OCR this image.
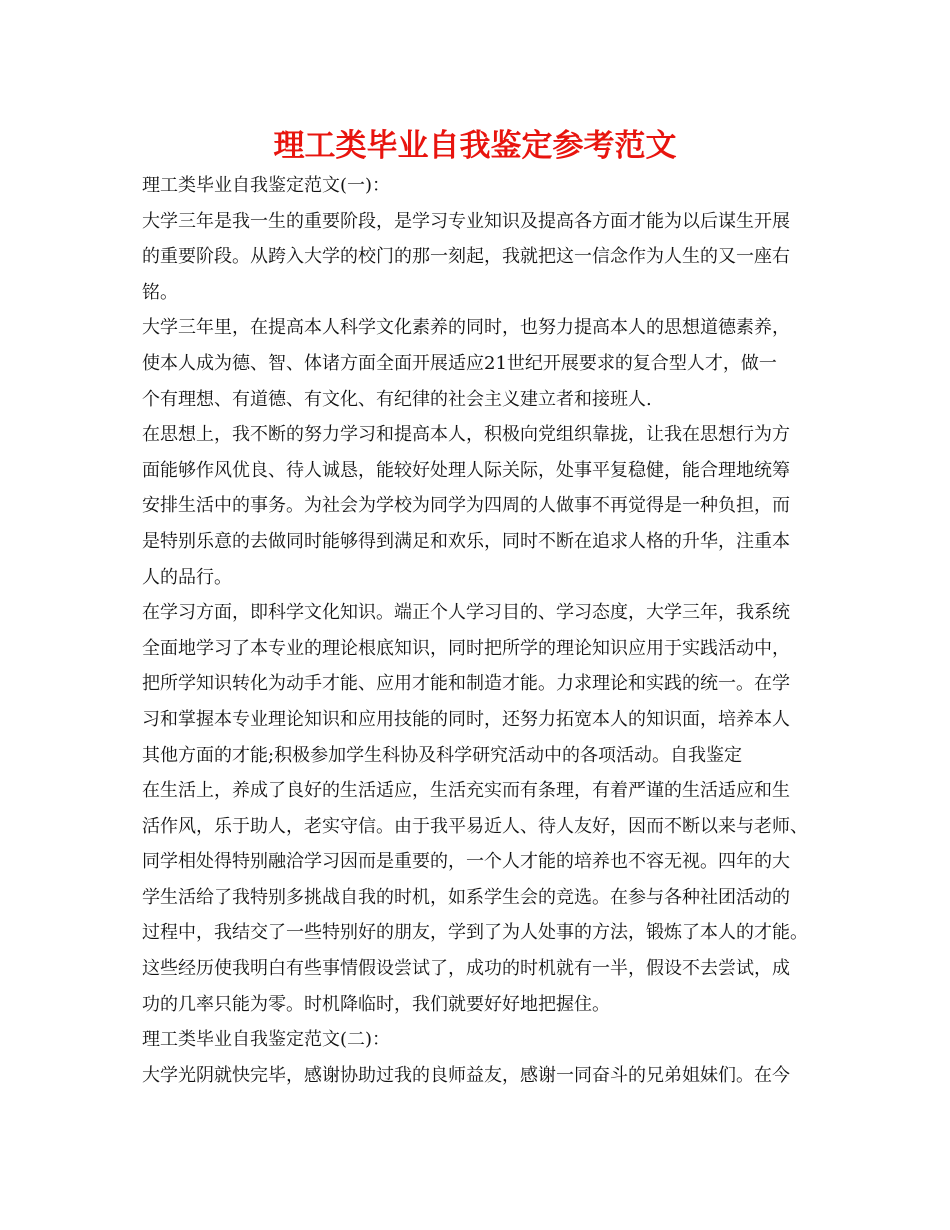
理工类毕业自我鉴定参考范文
理工类毕业自我鉴定范文(一)：
大学三年是我一生的重要阶段，是学习专业知识及提高各方面才能为以后谋生开展
的重要阶段。从跨入大学的校门的那一刻起，我就把这一信念作为人生的又一座右
铭。
大学三年里，在提高本人科学文化素养的同时，也努力提高本人的思想道德素养，
使本人成为德、智、体诸方面全面开展适应21世纪开展要求的复合型人才，做一
个有理想、有道德、有文化、有纪律的社会主义建立者和接班人.
在思想上，我不断的努力学习和提高本人，积极向党组织靠拢，让我在思想行为方
面能够作风优良、待人诚恳，能较好处理人际关际，处事平复稳健，能合理地统筹
安排生活中的事务。为社会为学校为同学为四周的人做事不再觉得是一种负担，而
是特别乐意的去做同时能够得到满足和欢乐，同时不断在追求人格的升华，注重本
人的品行。
在学习方面，即科学文化知识。端正个人学习目的、学习态度，大学三年，我系统
全面地学习了本专业的理论根底知识，同时把所学的理论知识应用于实践活动中，
把所学知识转化为动手才能、应用才能和制造才能。力求理论和实践的统一。在学
习和掌握本专业理论知识和应用技能的同时，还努力拓宽本人的知识面，培养本人
其他方面的才能;积极参加学生科协及科学研究活动中的各项活动。自我鉴定
在生活上，养成了良好的生活适应，生活充实而有条理，有着严谨的生活适应和生
活作风，乐于助人，老实守信。由于我平易近人、待人友好，因而不断以来与老师、
同学相处得特别融洽学习因而是重要的，一个人才能的培养也不容无视。四年的大
学生活给了我特别多挑战自我的时机，如系学生会的竞选。在参与各种社团活动的
过程中，我结交了一些特别好的朋友，学到了为人处事的方法，锻炼了本人的才能。
这些经历使我明白有些事情假设尝试了，成功的时机就有一半，假设不去尝试，成
功的几率只能为零。时机降临时，我们就要好好地把握住。
理工类毕业自我鉴定范文(二)：
大学光阴就快完毕，感谢协助过我的良师益友，感谢一同奋斗的兄弟姐妹们。在今
